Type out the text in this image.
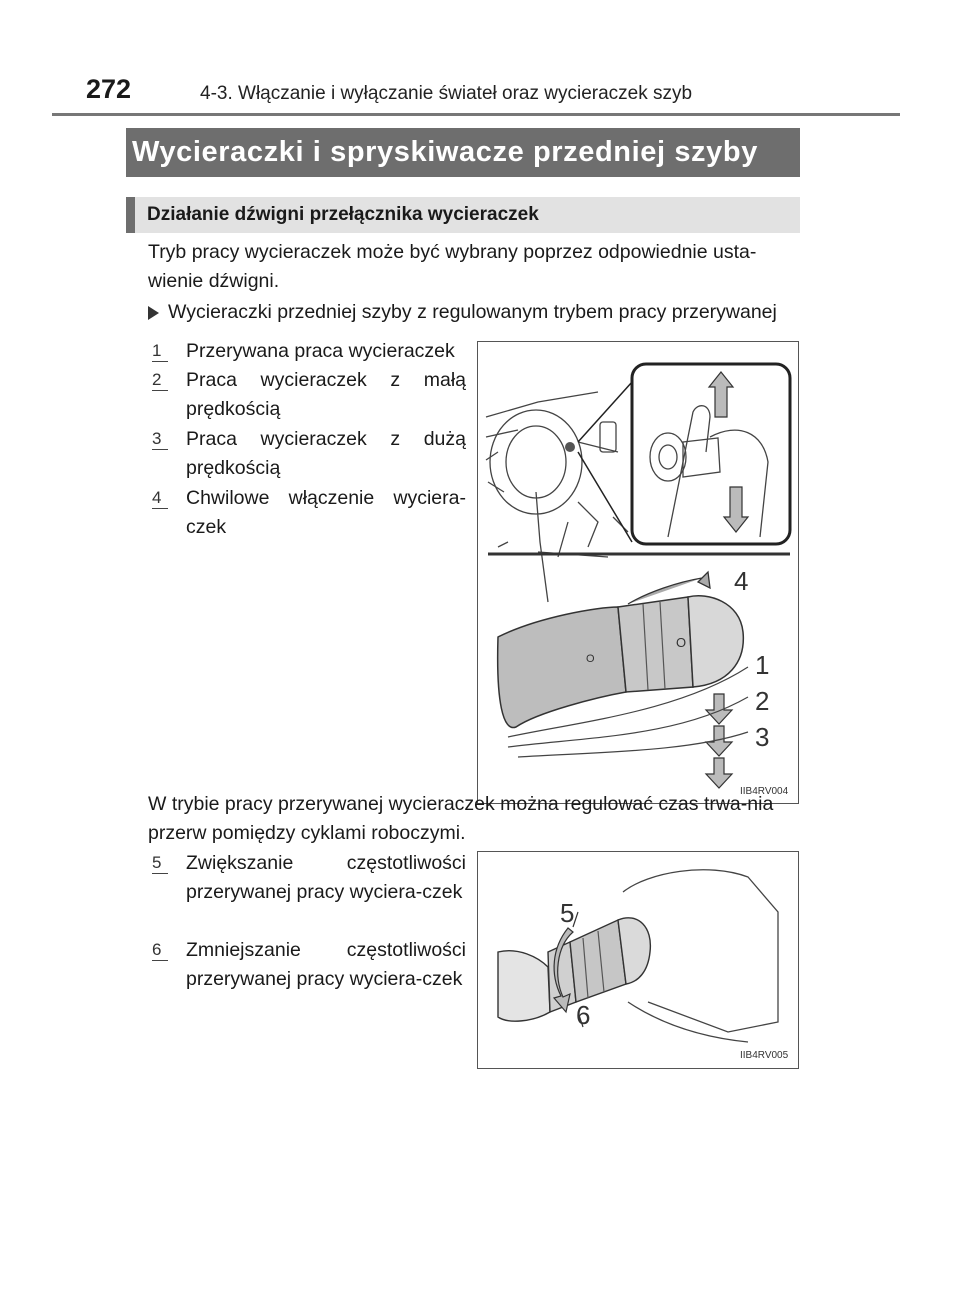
272	4-3. Włączanie i wyłączanie świateł oraz wycieraczek szyb
Wycieraczki i spryskiwacze przedniej szyby
Działanie dźwigni przełącznika wycieraczek
Tryb pracy wycieraczek może być wybrany poprzez odpowiednie usta-wienie dźwigni.
Wycieraczki przedniej szyby z regulowanym trybem pracy przerywanej
1	Przerywana praca wycieraczek
2	Praca wycieraczek z małą prędkością
3	Praca wycieraczek z dużą prędkością
4	Chwilowe włączenie wyciera-czek
O
O
4
1
2
3
IIB4RV004
W trybie pracy przerywanej wycieraczek można regulować czas trwa-nia przerw pomiędzy cyklami roboczymi.
5	Zwiększanie częstotliwości przerywanej pracy wyciera-czek
6	Zmniejszanie częstotliwości przerywanej pracy wyciera-czek
5
6
IIB4RV005
